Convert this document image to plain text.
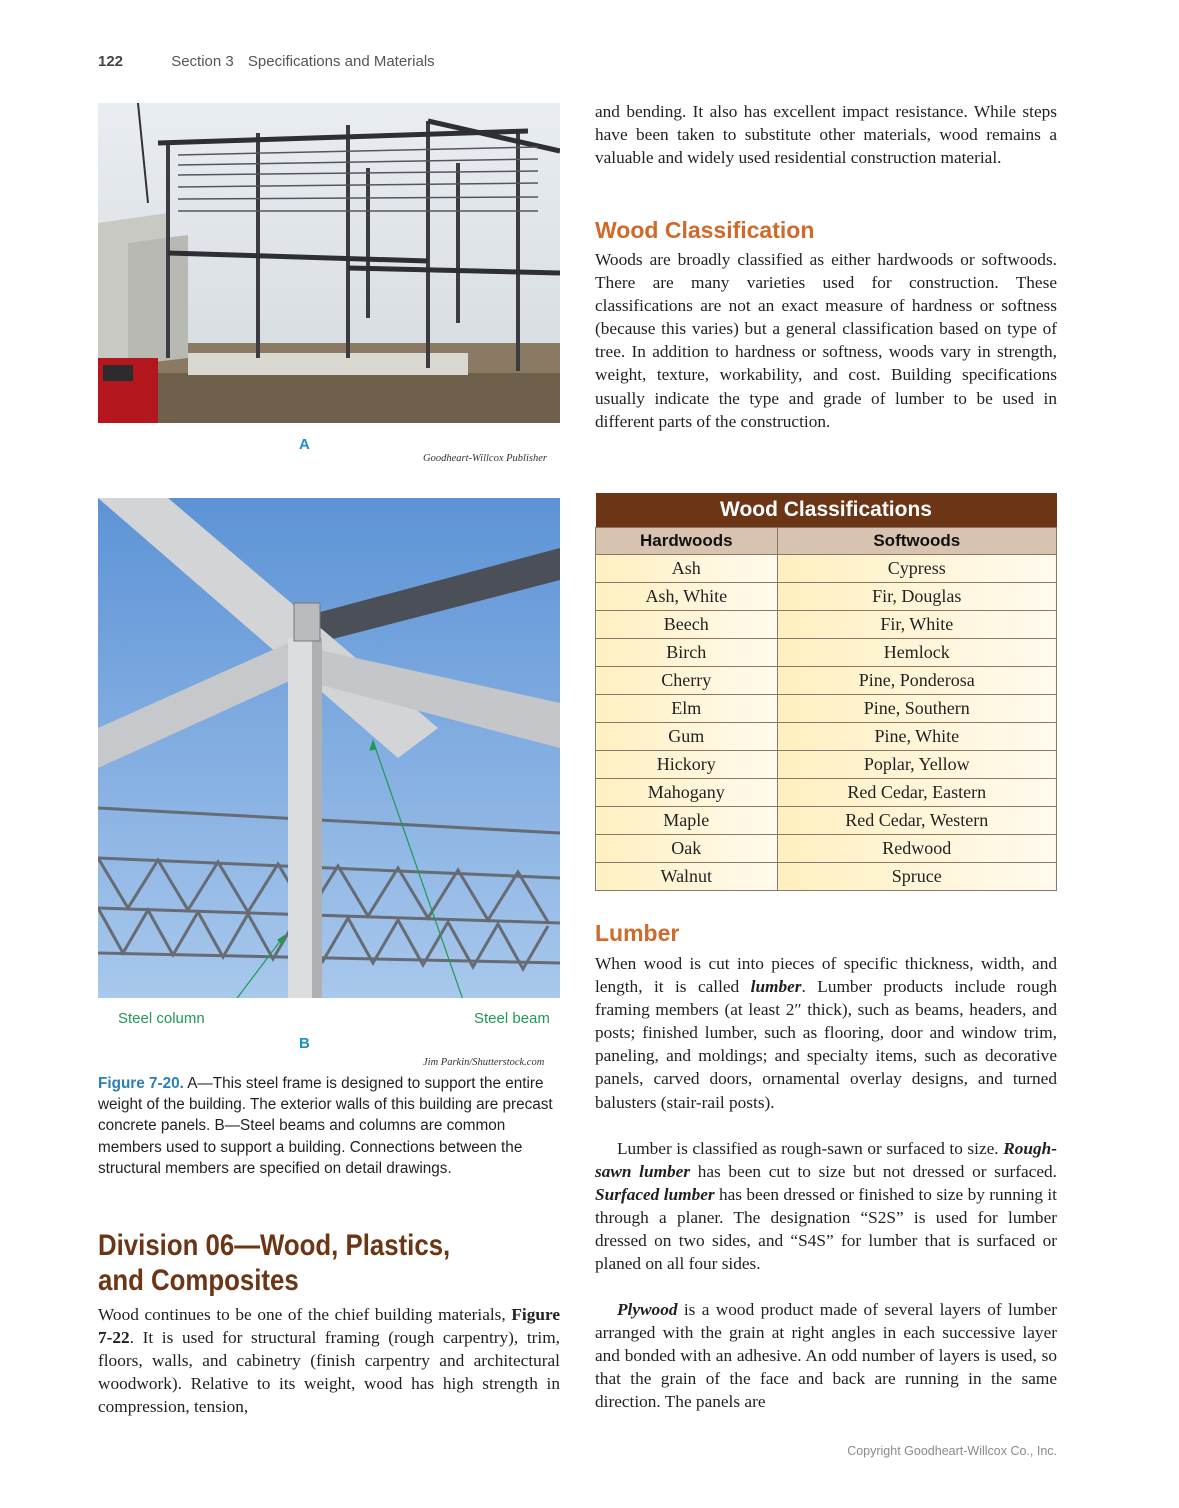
122	Section 3 Specifications and Materials
A
Goodheart-Willcox Publisher
Steel column	Steel beam
B
Jim Parkin/Shutterstock.com
Figure 7-20. A—This steel frame is designed to support the entire weight of the building. The exterior walls of this building are precast concrete panels. B—Steel beams and columns are common members used to support a building. Connections between the structural members are specified on detail drawings.
Division 06—Wood, Plastics, and Composites
Wood continues to be one of the chief building materials, Figure 7-22. It is used for structural framing (rough carpentry), trim, floors, walls, and cabinetry (finish carpentry and architectural woodwork). Relative to its weight, wood has high strength in compression, tension,
and bending. It also has excellent impact resistance. While steps have been taken to substitute other materials, wood remains a valuable and widely used residential construction material.
Wood Classification
Woods are broadly classified as either hardwoods or softwoods. There are many varieties used for construction. These classifications are not an exact measure of hardness or softness (because this varies) but a general classification based on type of tree. In addition to hardness or softness, woods vary in strength, weight, texture, workability, and cost. Building specifications usually indicate the type and grade of lumber to be used in different parts of the construction.
Wood Classifications	
Hardwoods	Softwoods
Ash	Cypress
Ash, White	Fir, Douglas
Beech	Fir, White
Birch	Hemlock
Cherry	Pine, Ponderosa
Elm	Pine, Southern
Gum	Pine, White
Hickory	Poplar, Yellow
Mahogany	Red Cedar, Eastern
Maple	Red Cedar, Western
Oak	Redwood
Walnut	Spruce
Lumber
When wood is cut into pieces of specific thickness, width, and length, it is called lumber. Lumber products include rough framing members (at least 2″ thick), such as beams, headers, and posts; finished lumber, such as flooring, door and window trim, paneling, and moldings; and specialty items, such as decorative panels, carved doors, ornamental overlay designs, and turned balusters (stair-rail posts).
Lumber is classified as rough-sawn or surfaced to size. Rough-sawn lumber has been cut to size but not dressed or surfaced. Surfaced lumber has been dressed or finished to size by running it through a planer. The designation “S2S” is used for lumber dressed on two sides, and “S4S” for lumber that is surfaced or planed on all four sides.
Plywood is a wood product made of several layers of lumber arranged with the grain at right angles in each successive layer and bonded with an adhesive. An odd number of layers is used, so that the grain of the face and back are running in the same direction. The panels are
Copyright Goodheart-Willcox Co., Inc.
